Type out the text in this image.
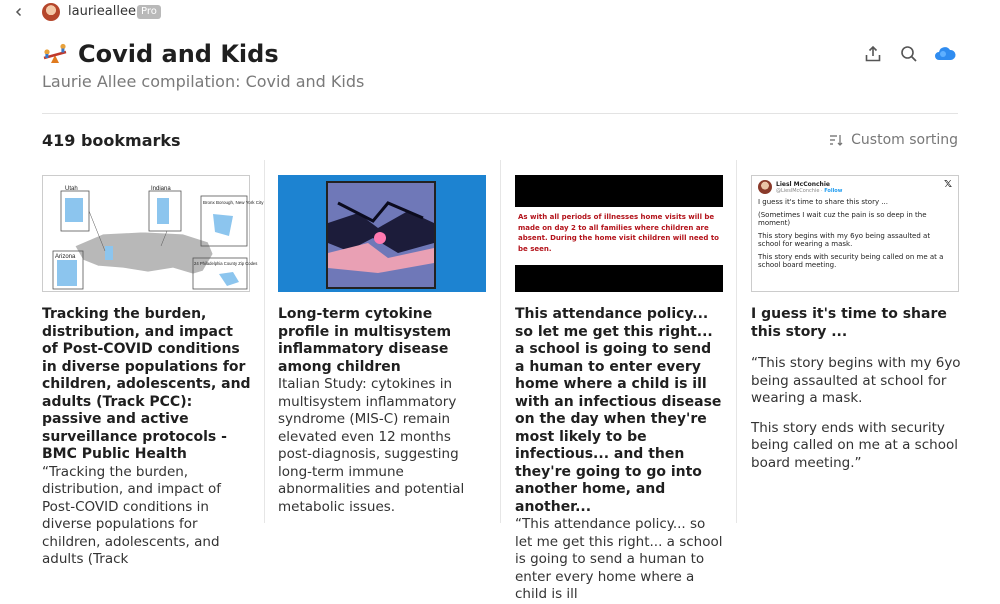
laurieallee Pro
Covid and Kids
Laurie Allee compilation: Covid and Kids
419 bookmarks	Custom sorting
Utah	Indiana
Bronx Borough, New York City
Arizona
24 Philadelphia County Zip Codes
Tracking the burden, distribution, and impact of Post-COVID conditions in diverse populations for children, adolescents, and adults (Track PCC): passive and active surveillance protocols - BMC Public Health
“Tracking the burden, distribution, and impact of Post-COVID conditions in diverse populations for children, adolescents, and adults (Track
Long-term cytokine profile in multisystem inflammatory disease among children
Italian Study: cytokines in multisystem inflammatory syndrome (MIS-C) remain elevated even 12 months post-diagnosis, suggesting long-term immune abnormalities and potential metabolic issues.
As with all periods of illnesses home visits will be made on day 2 to all families where children are absent. During the home visit children will need to be seen.
This attendance policy... so let me get this right... a school is going to send a human to enter every home where a child is ill with an infectious disease on the day when they're most likely to be infectious... and then they're going to go into another home, and another...
“This attendance policy... so let me get this right... a school is going to send a human to enter every home where a child is ill
Liesl McConchie
@LieslMcConchie · Follow
𝕏
I guess it's time to share this story ...
(Sometimes I wait cuz the pain is so deep in the moment)
This story begins with my 6yo being assaulted at school for wearing a mask.
This story ends with security being called on me at a school board meeting.
I guess it's time to share this story ...
“This story begins with my 6yo being assaulted at school for wearing a mask.
This story ends with security being called on me at a school board meeting.”
